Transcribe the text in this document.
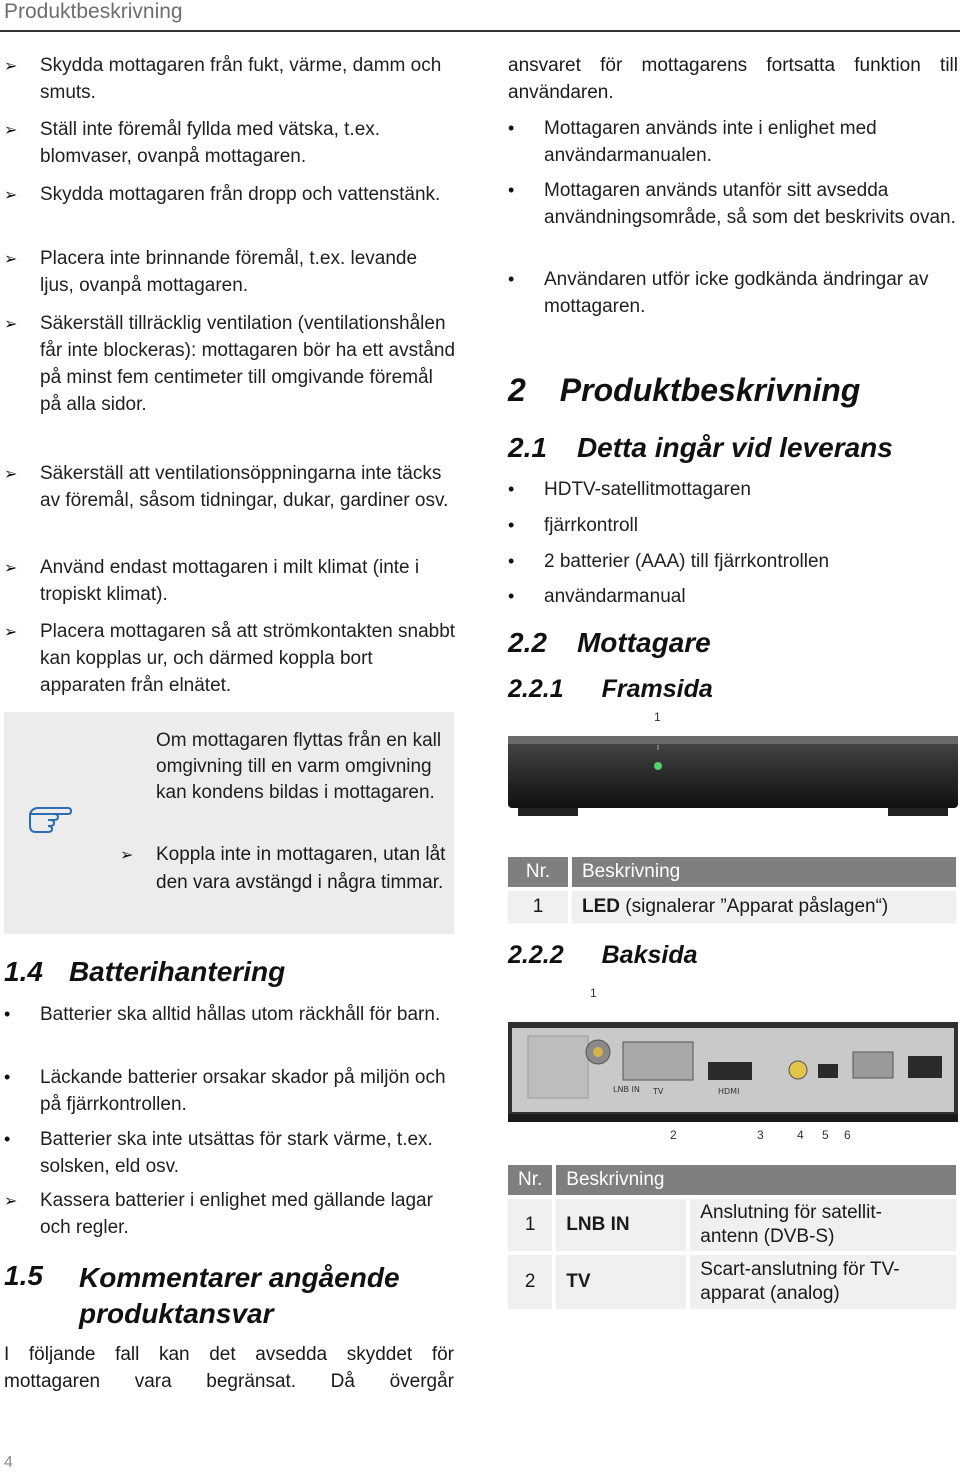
Produktbeskrivning
➢
Skydda mottagaren från fukt, värme, damm och smuts.
➢
Ställ inte föremål fyllda med vätska, t.ex. blomvaser, ovanpå mottagaren.
➢
Skydda mottagaren från dropp och vattenstänk.
➢
Placera inte brinnande föremål, t.ex. levande ljus, ovanpå mottagaren.
➢
Säkerställ tillräcklig ventilation (ventilationshålen får inte blockeras): mottagaren bör ha ett avstånd på minst fem centimeter till omgivande föremål på alla sidor.
➢
Säkerställ att ventilationsöppningarna inte täcks av föremål, såsom tidningar, dukar, gardiner osv.
➢
Använd endast mottagaren i milt klimat (inte i tropiskt klimat).
➢
Placera mottagaren så att strömkontakten snabbt kan kopplas ur, och därmed koppla bort apparaten från elnätet.
Om mottagaren flyttas från en kall omgivning till en varm omgivning kan kondens bildas i mottagaren.
➢
Koppla inte in mottagaren, utan låt den vara avstängd i några timmar.
1.4 Batterihantering
•
Batterier ska alltid hållas utom räckhåll för barn.
•
Läckande batterier orsakar skador på miljön och på fjärrkontrollen.
•
Batterier ska inte utsättas för stark värme, t.ex. solsken, eld osv.
➢
Kassera batterier i enlighet med gällande lagar och regler.
1.5 Kommentarer angående
produktansvar
I följande fall kan det avsedda skyddet för mottagaren vara begränsat. Då övergår
4
ansvaret för mottagarens fortsatta funktion till användaren.
•
Mottagaren används inte i enlighet med användarmanualen.
•
Mottagaren används utanför sitt avsedda användningsområde, så som det beskrivits ovan.
•
Användaren utför icke godkända ändringar av mottagaren.
2 Produktbeskrivning
2.1 Detta ingår vid leverans
•
HDTV-satellitmottagaren
•
fjärrkontroll
•
2 batterier (AAA) till fjärrkontrollen
•
användarmanual
2.2 Mottagare
2.2.1 Framsida
1
Nr.	Beskrivning
1	LED (signalerar ”Apparat påslagen“)
2.2.2 Baksida
1
LNB IN TV	HDMI
2	3	4 5 6
Nr.	Beskrivning	
1	LNB IN	Anslutning för satellit-antenn (DVB-S)
2	TV	Scart-anslutning för TV-apparat (analog)
